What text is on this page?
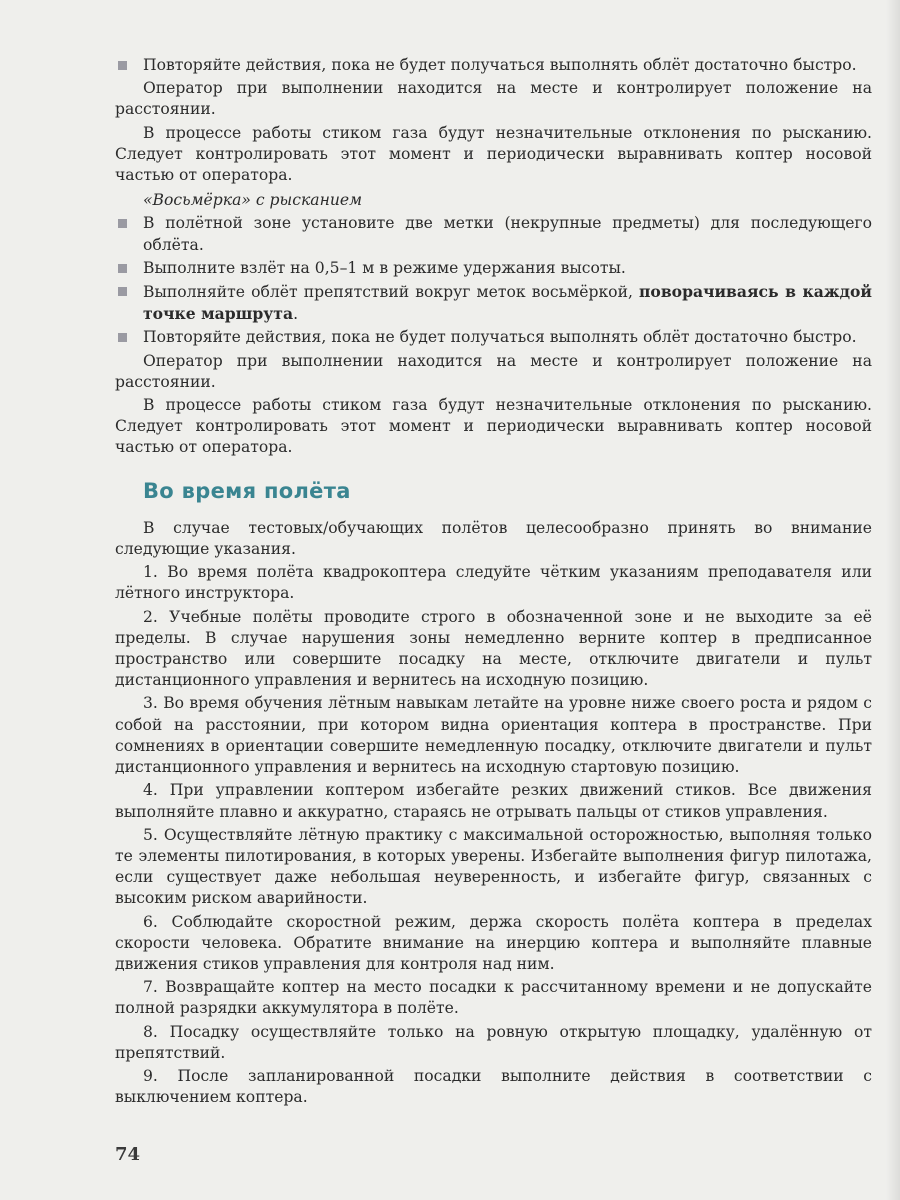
Повторяйте действия, пока не будет получаться выполнять облёт достаточно быстро.

Оператор при выполнении находится на месте и контролирует положение на расстоянии.

В процессе работы стиком газа будут незначительные отклонения по рысканию. Следует контролировать этот момент и периодически выравнивать коптер носовой частью от оператора.

«Восьмёрка» с рысканием

В полётной зоне установите две метки (некрупные предметы) для последующего облёта.
Выполните взлёт на 0,5–1 м в режиме удержания высоты.
Выполняйте облёт препятствий вокруг меток восьмёркой, поворачиваясь в каждой точке маршрута.
Повторяйте действия, пока не будет получаться выполнять облёт достаточно быстро.

Оператор при выполнении находится на месте и контролирует положение на расстоянии.

В процессе работы стиком газа будут незначительные отклонения по рысканию. Следует контролировать этот момент и периодически выравнивать коптер носовой частью от оператора.

Во время полёта

В случае тестовых/обучающих полётов целесообразно принять во внимание следующие указания.

1. Во время полёта квадрокоптера следуйте чётким указаниям преподавателя или лётного инструктора.

2. Учебные полёты проводите строго в обозначенной зоне и не выходите за её пределы. В случае нарушения зоны немедленно верните коптер в предписанное пространство или совершите посадку на месте, отключите двигатели и пульт дистанционного управления и вернитесь на исходную позицию.

3. Во время обучения лётным навыкам летайте на уровне ниже своего роста и рядом с собой на расстоянии, при котором видна ориентация коптера в пространстве. При сомнениях в ориентации совершите немедленную посадку, отключите двигатели и пульт дистанционного управления и вернитесь на исходную стартовую позицию.

4. При управлении коптером избегайте резких движений стиков. Все движения выполняйте плавно и аккуратно, стараясь не отрывать пальцы от стиков управления.

5. Осуществляйте лётную практику с максимальной осторожностью, выполняя только те элементы пилотирования, в которых уверены. Избегайте выполнения фигур пилотажа, если существует даже небольшая неуверенность, и избегайте фигур, связанных с высоким риском аварийности.

6. Соблюдайте скоростной режим, держа скорость полёта коптера в пределах скорости человека. Обратите внимание на инерцию коптера и выполняйте плавные движения стиков управления для контроля над ним.

7. Возвращайте коптер на место посадки к рассчитанному времени и не допускайте полной разрядки аккумулятора в полёте.

8. Посадку осуществляйте только на ровную открытую площадку, удалённую от препятствий.

9. После запланированной посадки выполните действия в соответствии с выключением коптера.

74
